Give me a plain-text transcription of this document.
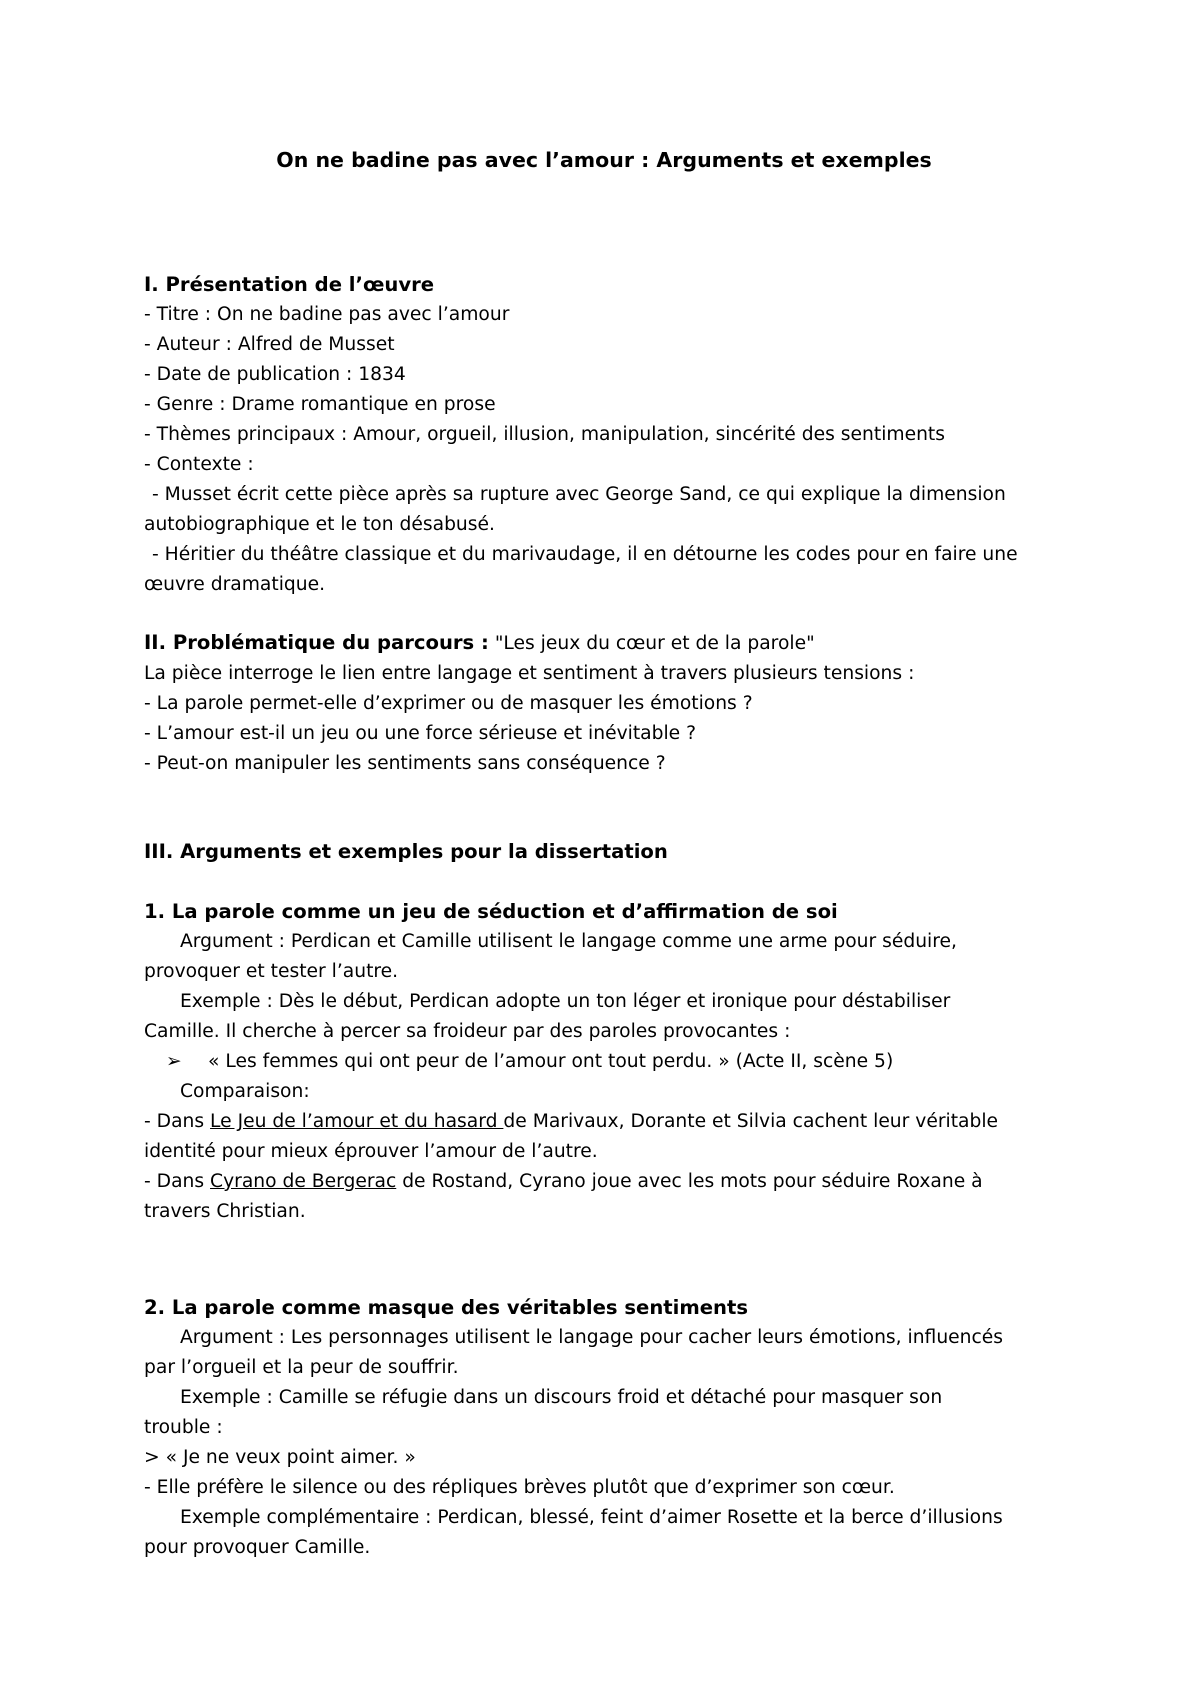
On ne badine pas avec l’amour : Arguments et exemples
I. Présentation de l’œuvre
- Titre : On ne badine pas avec l’amour
- Auteur : Alfred de Musset
- Date de publication : 1834
- Genre : Drame romantique en prose
- Thèmes principaux : Amour, orgueil, illusion, manipulation, sincérité des sentiments
- Contexte :
- Musset écrit cette pièce après sa rupture avec George Sand, ce qui explique la dimension
autobiographique et le ton désabusé.
- Héritier du théâtre classique et du marivaudage, il en détourne les codes pour en faire une
œuvre dramatique.
II. Problématique du parcours : "Les jeux du cœur et de la parole"
La pièce interroge le lien entre langage et sentiment à travers plusieurs tensions :
- La parole permet-elle d’exprimer ou de masquer les émotions ?
- L’amour est-il un jeu ou une force sérieuse et inévitable ?
- Peut-on manipuler les sentiments sans conséquence ?
III. Arguments et exemples pour la dissertation
1. La parole comme un jeu de séduction et d’affirmation de soi
Argument : Perdican et Camille utilisent le langage comme une arme pour séduire,
provoquer et tester l’autre.
Exemple : Dès le début, Perdican adopte un ton léger et ironique pour déstabiliser
Camille. Il cherche à percer sa froideur par des paroles provocantes :
➢	« Les femmes qui ont peur de l’amour ont tout perdu. » (Acte II, scène 5)
Comparaison:
- Dans Le Jeu de l’amour et du hasard de Marivaux, Dorante et Silvia cachent leur véritable
identité pour mieux éprouver l’amour de l’autre.
- Dans Cyrano de Bergerac de Rostand, Cyrano joue avec les mots pour séduire Roxane à
travers Christian.
2. La parole comme masque des véritables sentiments
Argument : Les personnages utilisent le langage pour cacher leurs émotions, influencés
par l’orgueil et la peur de souffrir.
Exemple : Camille se réfugie dans un discours froid et détaché pour masquer son
trouble :
> « Je ne veux point aimer. »
- Elle préfère le silence ou des répliques brèves plutôt que d’exprimer son cœur.
Exemple complémentaire : Perdican, blessé, feint d’aimer Rosette et la berce d’illusions
pour provoquer Camille.
